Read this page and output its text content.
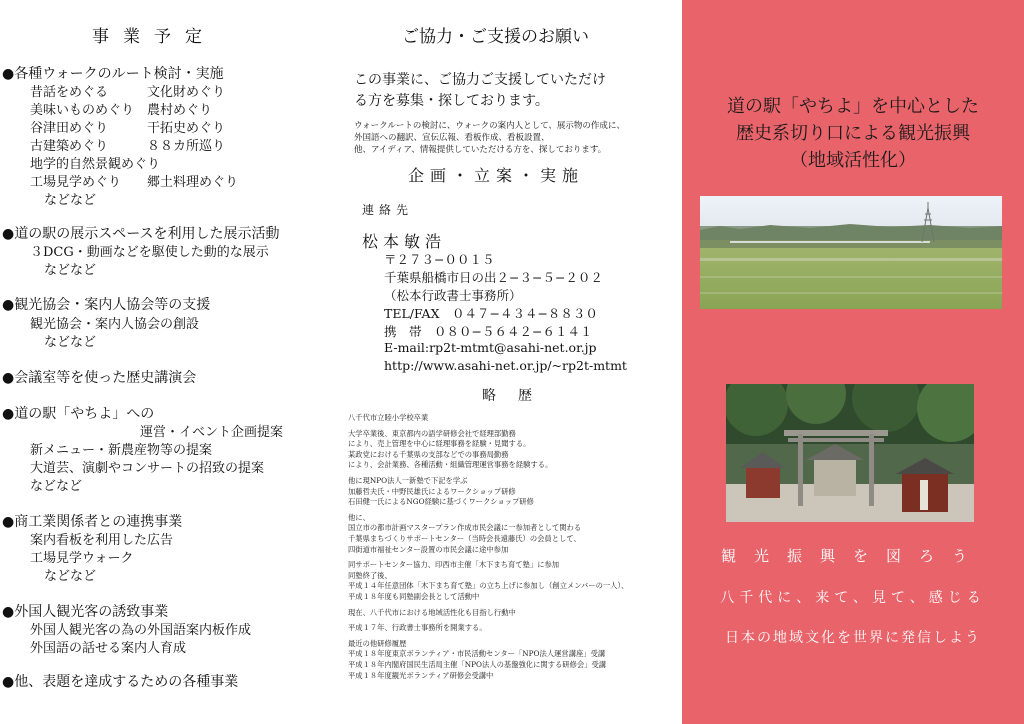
事業予定
●各種ウォークのルート検討・実施
昔話をめぐる　　　文化財めぐり
美味いものめぐり　農村めぐり
谷津田めぐり　　　干拓史めぐり
古建築めぐり　　　８８カ所巡り
地学的自然景観めぐり
工場見学めぐり　　郷土料理めぐり
などなど
●道の駅の展示スペースを利用した展示活動
３DCG・動画などを駆使した動的な展示
などなど
●観光協会・案内人協会等の支援
観光協会・案内人協会の創設
などなど
●会議室等を使った歴史講演会
●道の駅「やちよ」への
運営・イベント企画提案
新メニュー・新農産物等の提案
大道芸、演劇やコンサートの招致の提案
などなど
●商工業関係者との連携事業
案内看板を利用した広告
工場見学ウォーク
などなど
●外国人観光客の誘致事業
外国人観光客の為の外国語案内板作成
外国語の話せる案内人育成
●他、表題を達成するための各種事業
ご協力・ご支援のお願い
この事業に、ご協力ご支援していただけ
る方を募集・探しております。
ウォークルートの検討に、ウォークの案内人として、展示物の作成に、
外国語への翻訳、宣伝広報、看板作成、看板設置、
他、アイディア、情報提供していただける方を、探しております。
企画・立案・実施
連絡先
松本敏浩
〒２７３−００１５
千葉県船橋市日の出２−３−５−２０２
（松本行政書士事務所）
TEL/FAX　０４７−４３４−８８３０
携　帯　０８０−５６４２−６１４１
E-mail:rp2t-mtmt@asahi-net.or.jp
http://www.asahi-net.or.jp/~rp2t-mtmt
略歴
八千代市立睦小学校卒業
大学卒業後、東京都内の語学研修会社で経理部勤務
により、売上管理を中心に経理事務を経験・見聞する。
某政党における千葉県の支部などでの事務局勤務
により、会計業務、各種活動・組織管理運営事務を経験する。
他に現NPO法人一新塾で下記を学ぶ
加藤哲夫氏・中野民雄氏によるワークショップ研修
石田健一氏によるNGO経験に基づくワークショップ研修
他に、
国立市の都市計画マスタープラン作成市民会議に一参加者として関わる
千葉県まちづくりサポートセンター（当時会長遠藤氏）の会員として、
四街道市福祉センター設置の市民会議に途中参加
同サポートセンター協力、印西市主催「木下まち育て塾」に参加
同塾終了後、
平成１４年任意団体「木下まち育て塾」の立ち上げに参加し（創立メンバーの一人）、
平成１８年度も同塾副会長として活動中
現在、八千代市における地域活性化も目指し行動中
平成１７年、行政書士事務所を開業する。
最近の他研修履歴
平成１８年度東京ボランティア・市民活動センター「NPO法人運営講座」受講
平成１８年内閣府国民生活局主催「NPO法人の基盤強化に関する研修会」受講
平成１８年度観光ボランティア研修会受講中
道の駅「やちよ」を中心とした
歴史系切り口による観光振興
（地域活性化）
観光振興を図ろう
八千代に、来て、見て、感じる
日本の地域文化を世界に発信しよう
